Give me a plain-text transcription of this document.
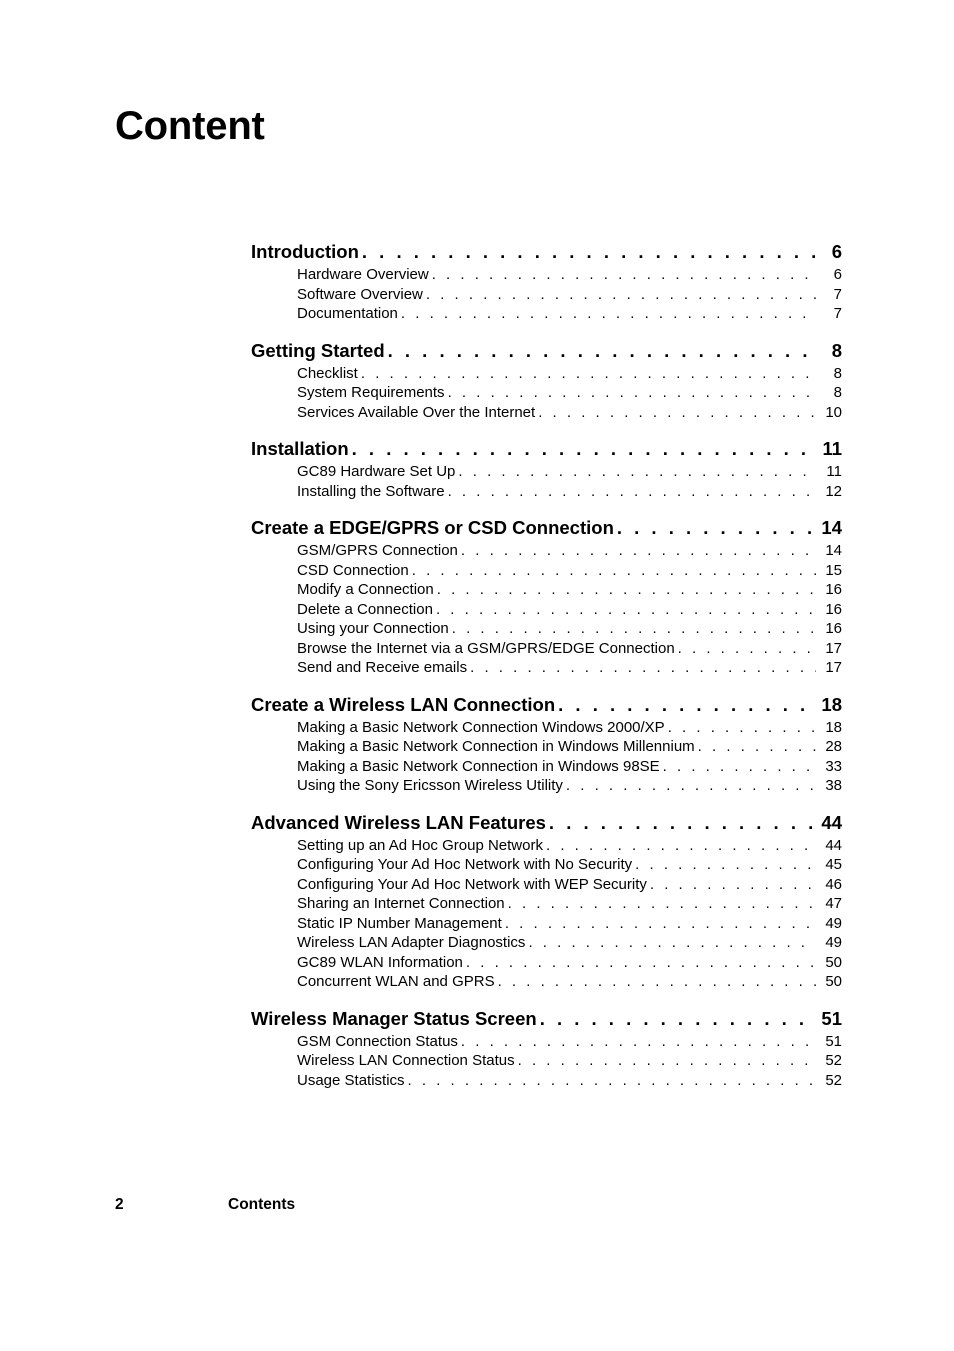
Content
Introduction . . .	6
Hardware Overview . . .	6
Software Overview . . .	7
Documentation . . .	7
Getting Started . . .	8
Checklist . . .	8
System Requirements . . .	8
Services Available Over the Internet . . .	10
Installation . . .	11
GC89 Hardware Set Up . . .	11
Installing the Software . . .	12
Create a EDGE/GPRS or CSD Connection . . .	14
GSM/GPRS Connection . . .	14
CSD Connection . . .	15
Modify a Connection . . .	16
Delete a Connection . . .	16
Using your Connection . . .	16
Browse the Internet via a GSM/GPRS/EDGE Connection . . .	17
Send and Receive emails . . .	17
Create a Wireless LAN Connection . . .	18
Making a Basic Network Connection Windows 2000/XP . . .	18
Making a Basic Network Connection in Windows Millennium . . .	28
Making a Basic Network Connection in Windows 98SE . . .	33
Using the Sony Ericsson Wireless Utility . . .	38
Advanced Wireless LAN Features . . .	44
Setting up an Ad Hoc Group Network . . .	44
Configuring Your Ad Hoc Network with No Security . . .	45
Configuring Your Ad Hoc Network with WEP Security . . .	46
Sharing an Internet Connection . . .	47
Static IP Number Management . . .	49
Wireless LAN Adapter Diagnostics . . .	49
GC89 WLAN Information . . .	50
Concurrent WLAN and GPRS . . .	50
Wireless Manager Status Screen . . .	51
GSM Connection Status . . .	51
Wireless LAN Connection Status . . .	52
Usage Statistics . . .	52
2	Contents
